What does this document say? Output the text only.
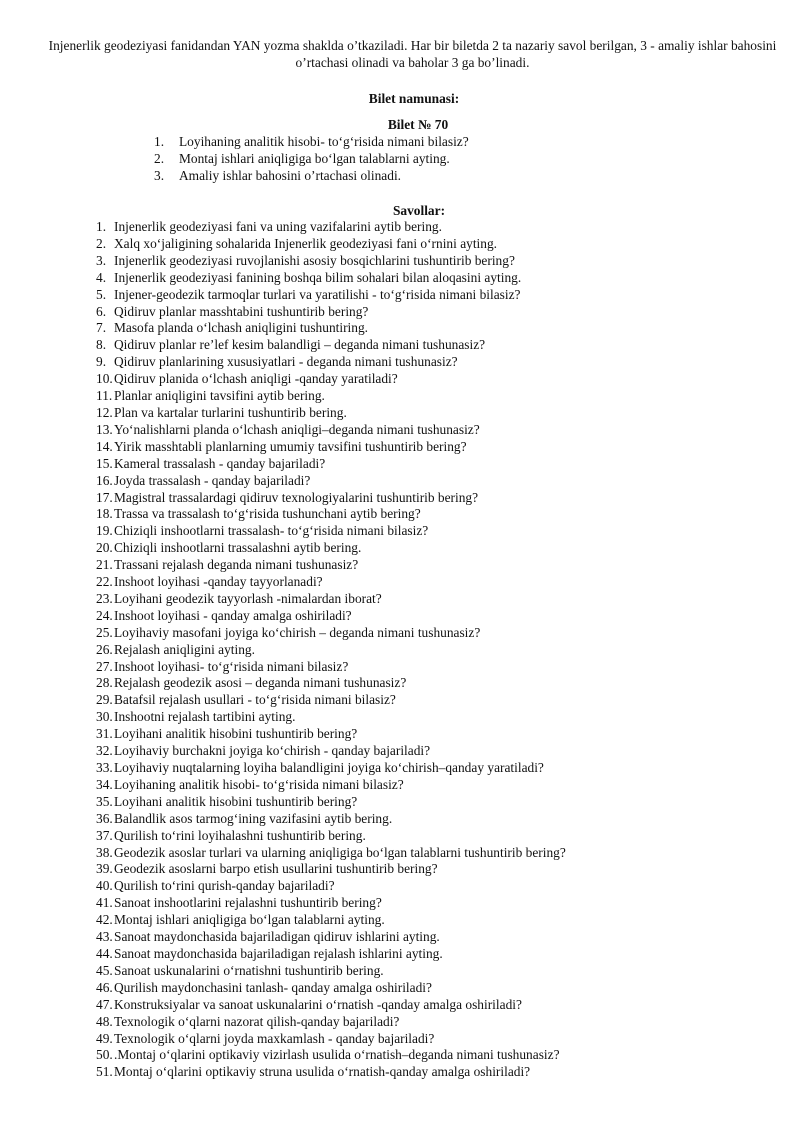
Injenerlik geodeziyasi fanidandan YAN yozma shaklda o’tkaziladi. Har bir biletda 2 ta nazariy savol berilgan, 3 - amaliy ishlar bahosini o’rtachasi olinadi va baholar 3 ga bo’linadi.
Bilet namunasi:
Bilet № 70
1.	Loyihaning analitik hisobi- to‘g‘risida nimani bilasiz?
2.	Montaj ishlari aniqligiga bo‘lgan talablarni ayting.
3.	Amaliy ishlar bahosini o’rtachasi olinadi.
Savollar:
1. Injenerlik geodeziyasi fani va uning vazifalarini aytib bering.
2. Xalq xo‘jaligining sohalarida Injenerlik geodeziyasi fani o‘rnini ayting.
3. Injenerlik geodeziyasi ruvojlanishi asosiy bosqichlarini tushuntirib bering?
4. Injenerlik geodeziyasi fanining boshqa bilim sohalari bilan aloqasini ayting.
5. Injener-geodezik tarmoqlar turlari va yaratilishi - to‘g‘risida nimani bilasiz?
6. Qidiruv planlar masshtabini tushuntirib bering?
7. Masofa planda o‘lchash aniqligini tushuntiring.
8. Qidiruv planlar re’lef kesim balandligi – deganda nimani tushunasiz?
9. Qidiruv planlarining xususiyatlari - deganda nimani tushunasiz?
10. Qidiruv planida o‘lchash aniqligi -qanday yaratiladi?
11. Planlar aniqligini tavsifini aytib bering.
12. Plan va kartalar turlarini tushuntirib bering.
13. Yo‘nalishlarni planda o‘lchash aniqligi–deganda nimani tushunasiz?
14. Yirik masshtabli planlarning umumiy tavsifini tushuntirib bering?
15. Kameral trassalash - qanday bajariladi?
16. Joyda trassalash - qanday bajariladi?
17. Magistral trassalardagi qidiruv texnologiyalarini tushuntirib bering?
18. Trassa va trassalash to‘g‘risida tushunchani aytib bering?
19. Chiziqli inshootlarni trassalash- to‘g‘risida nimani bilasiz?
20. Chiziqli inshootlarni trassalashni aytib bering.
21. Trassani rejalash deganda nimani tushunasiz?
22. Inshoot loyihasi -qanday tayyorlanadi?
23. Loyihani geodezik tayyorlash -nimalardan iborat?
24. Inshoot loyihasi - qanday amalga oshiriladi?
25. Loyihaviy masofani joyiga ko‘chirish – deganda nimani tushunasiz?
26. Rejalash aniqligini ayting.
27. Inshoot loyihasi- to‘g‘risida nimani bilasiz?
28. Rejalash geodezik asosi – deganda nimani tushunasiz?
29. Batafsil rejalash usullari - to‘g‘risida nimani bilasiz?
30. Inshootni rejalash tartibini ayting.
31. Loyihani analitik hisobini tushuntirib bering?
32. Loyihaviy burchakni joyiga ko‘chirish - qanday bajariladi?
33. Loyihaviy nuqtalarning loyiha balandligini joyiga ko‘chirish–qanday yaratiladi?
34. Loyihaning analitik hisobi- to‘g‘risida nimani bilasiz?
35. Loyihani analitik hisobini tushuntirib bering?
36. Balandlik asos tarmog‘ining vazifasini aytib bering.
37. Qurilish to‘rini loyihalashni tushuntirib bering.
38. Geodezik asoslar turlari va ularning aniqligiga bo‘lgan talablarni tushuntirib bering?
39. Geodezik asoslarni barpo etish usullarini tushuntirib bering?
40. Qurilish to‘rini qurish-qanday bajariladi?
41. Sanoat inshootlarini rejalashni tushuntirib bering?
42. Montaj ishlari aniqligiga bo‘lgan talablarni ayting.
43. Sanoat maydonchasida bajariladigan qidiruv ishlarini ayting.
44. Sanoat maydonchasida bajariladigan rejalash ishlarini ayting.
45. Sanoat uskunalarini o‘rnatishni tushuntirib bering.
46. Qurilish maydonchasini tanlash- qanday amalga oshiriladi?
47. Konstruksiyalar va sanoat uskunalarini o‘rnatish -qanday amalga oshiriladi?
48. Texnologik o‘qlarni nazorat qilish-qanday bajariladi?
49. Texnologik o‘qlarni joyda maxkamlash - qanday bajariladi?
50. .Montaj o‘qlarini optikaviy vizirlash usulida o‘rnatish–deganda nimani tushunasiz?
51. Montaj o‘qlarini optikaviy struna usulida o‘rnatish-qanday amalga oshiriladi?
